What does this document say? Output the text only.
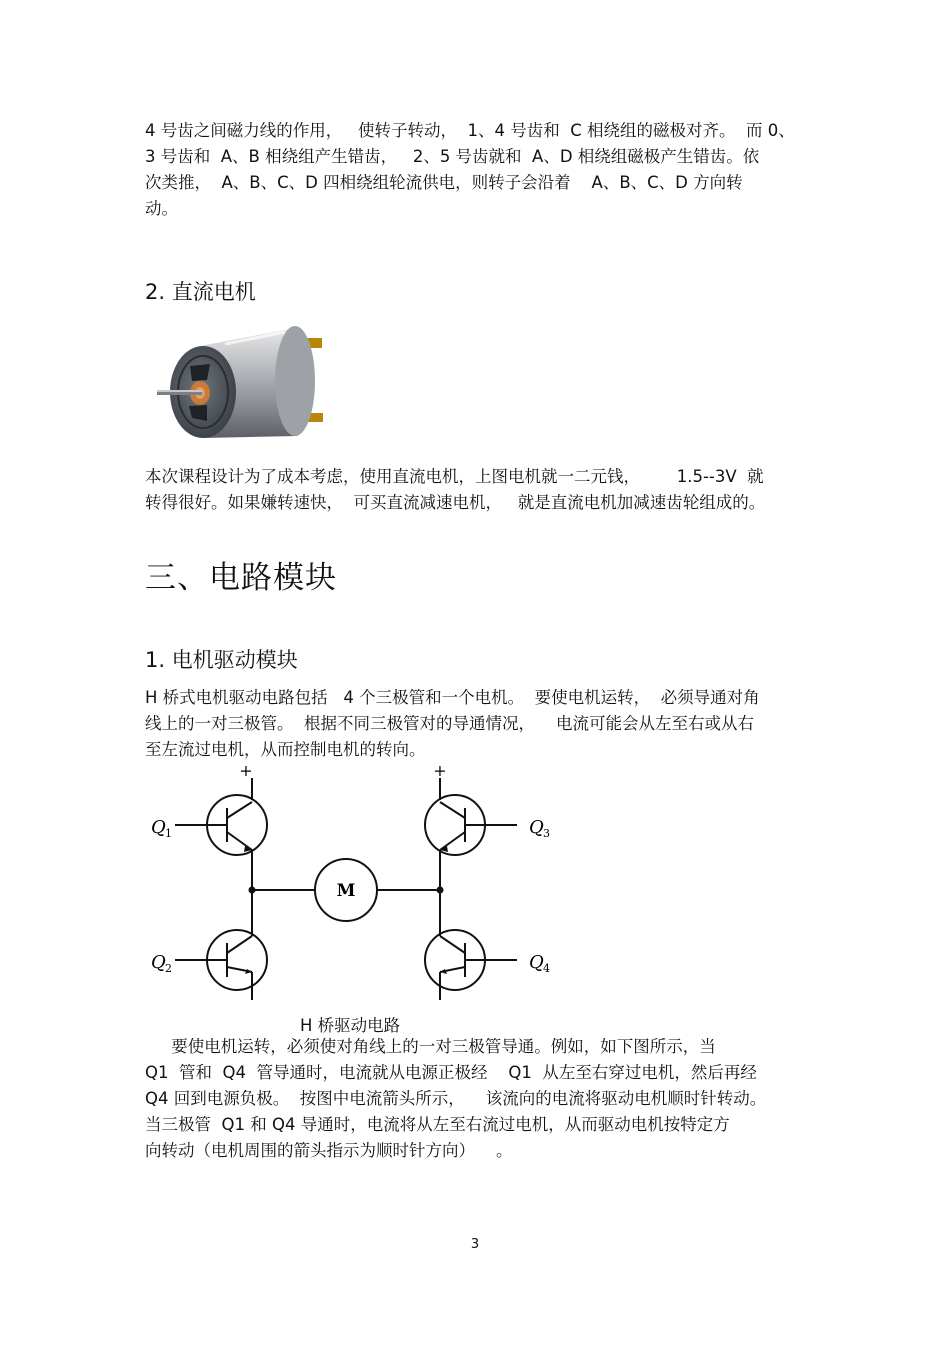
4 号齿之间磁力线的作用，   使转子转动，  1、4 号齿和  C 相绕组的磁极对齐。  而 0、
3 号齿和  A、B 相绕组产生错齿，   2、5 号齿就和  A、D 相绕组磁极产生错齿。依
次类推，  A、B、C、D 四相绕组轮流供电，则转子会沿着    A、B、C、D 方向转
动。
2. 直流电机
本次课程设计为了成本考虑，使用直流电机，上图电机就一二元钱，       1.5--3V  就
转得很好。如果嫌转速快，  可买直流减速电机，   就是直流电机加减速齿轮组成的。
三、电路模块
1. 电机驱动模块
H 桥式电机驱动电路包括   4 个三极管和一个电机。  要使电机运转，  必须导通对角
线上的一对三极管。  根据不同三极管对的导通情况，    电流可能会从左至右或从右
至左流过电机，从而控制电机的转向。
+	+
M
Q 1
Q 2
Q 3
Q 4
H 桥驱动电路
要使电机运转，必须使对角线上的一对三极管导通。例如，如下图所示，当
Q1  管和  Q4  管导通时，电流就从电源正极经    Q1  从左至右穿过电机，然后再经
Q4 回到电源负极。  按图中电流箭头所示，    该流向的电流将驱动电机顺时针转动。
当三极管  Q1 和 Q4 导通时，电流将从左至右流过电机，从而驱动电机按特定方
向转动（电机周围的箭头指示为顺时针方向）    。
3
